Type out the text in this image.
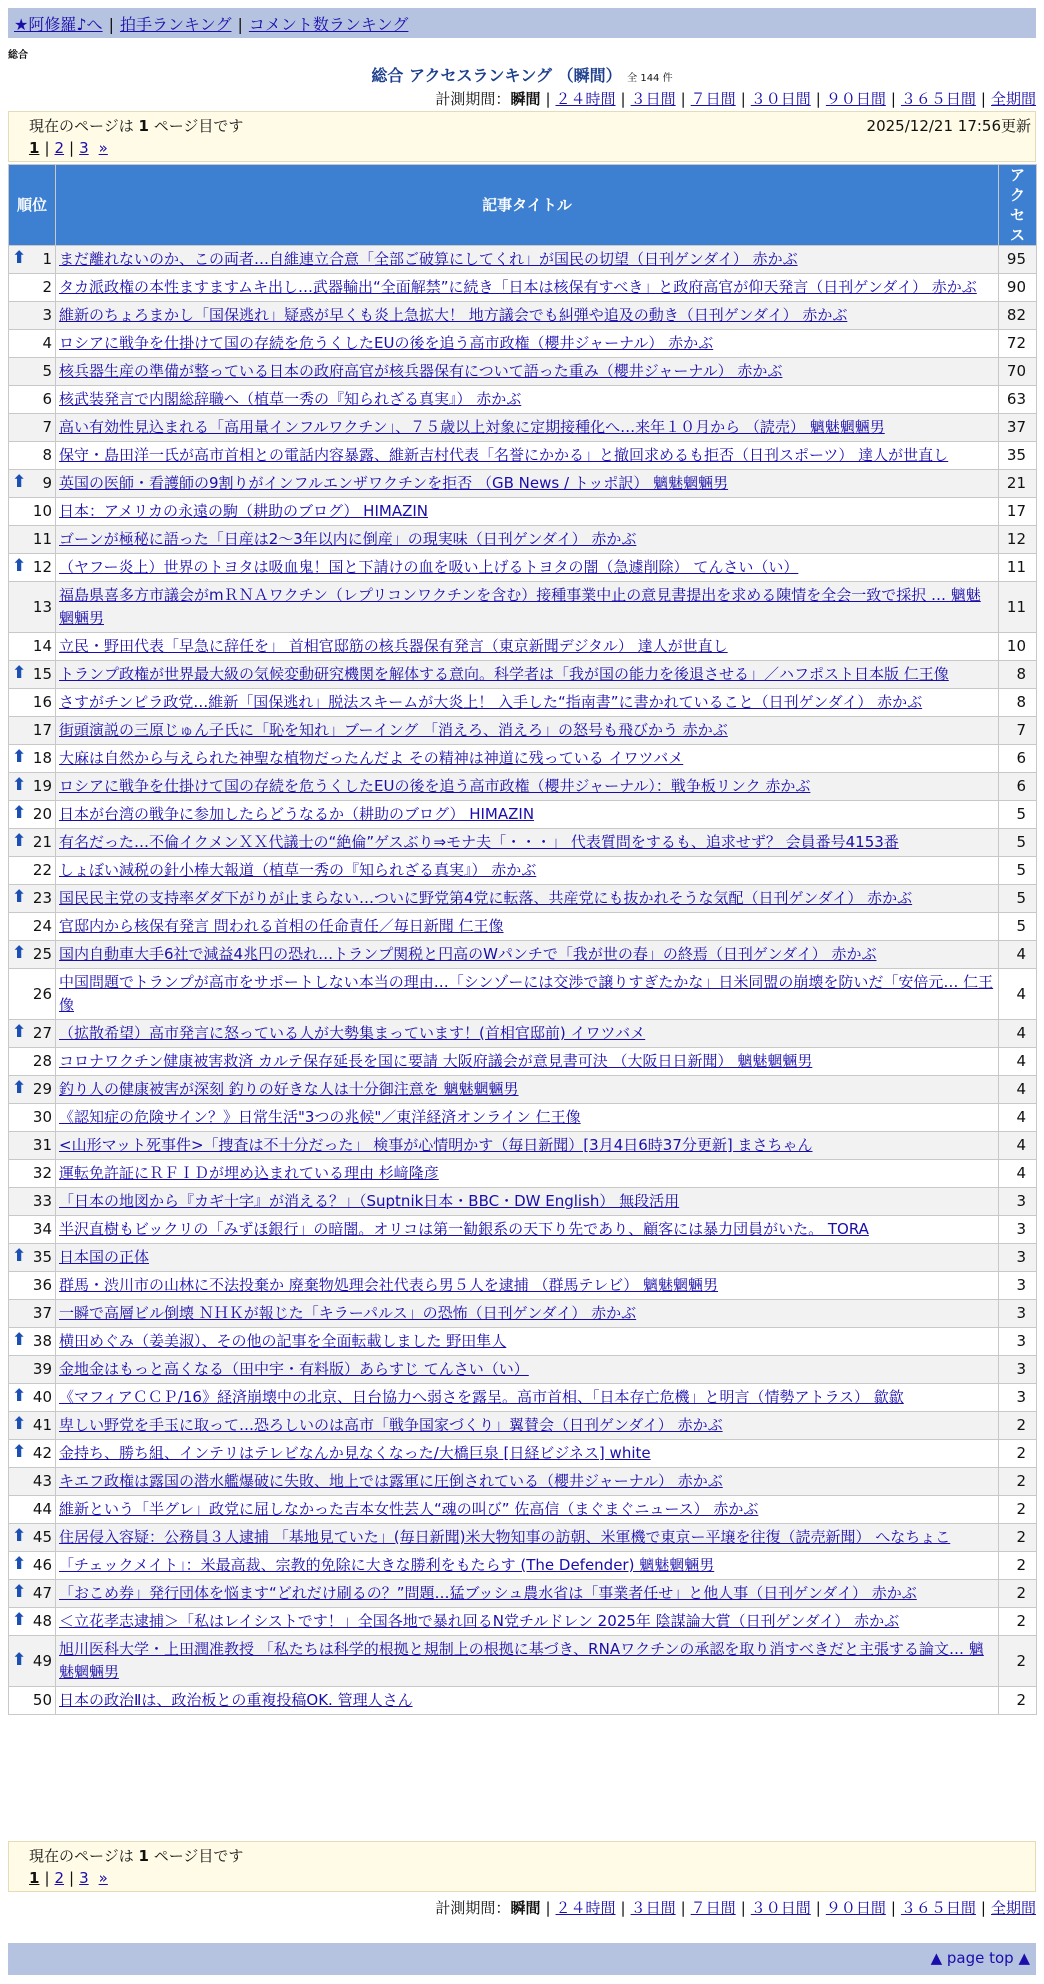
★阿修羅♪へ | 拍手ランキング | コメント数ランキング
総合
総合 アクセスランキング （瞬間） 全 144 件
計測期間：瞬間 | ２４時間 | ３日間 | ７日間 | ３０日間 | ９０日間 | ３６５日間 | 全期間
現在のページは 1 ページ目です	2025/12/21 17:56更新
1 | 2 | 3 »
順位	記事タイトル	アクセス

⬆ 1	まだ離れないのか、この両者…自維連立合意「全部ご破算にしてくれ」が国民の切望（日刊ゲンダイ） 赤かぶ	95
2	タカ派政権の本性ますますムキ出し…武器輸出“全面解禁”に続き「日本は核保有すべき」と政府高官が仰天発言（日刊ゲンダイ） 赤かぶ	90
3	維新のちょろまかし「国保逃れ」疑惑が早くも炎上急拡大！ 地方議会でも糾弾や追及の動き（日刊ゲンダイ） 赤かぶ	82
4	ロシアに戦争を仕掛けて国の存続を危うくしたEUの後を追う高市政権（櫻井ジャーナル） 赤かぶ	72
5	核兵器生産の準備が整っている日本の政府高官が核兵器保有について語った重み（櫻井ジャーナル） 赤かぶ	70
6	核武装発言で内閣総辞職へ（植草一秀の『知られざる真実』） 赤かぶ	63
7	高い有効性見込まれる「高用量インフルワクチン」、７５歳以上対象に定期接種化へ…来年１０月から （読売） 魑魅魍魎男	37
8	保守・島田洋一氏が高市首相との電話内容暴露、維新吉村代表「名誉にかかる」と撤回求めるも拒否（日刊スポーツ） 達人が世直し	35

⬆ 9	英国の医師・看護師の9割りがインフルエンザワクチンを拒否 （GB News / トッポ訳） 魑魅魍魎男	21
10	日本：アメリカの永遠の駒（耕助のブログ） HIMAZIN	17
11	ゴーンが極秘に語った「日産は2～3年以内に倒産」の現実味（日刊ゲンダイ） 赤かぶ	12

⬆ 12	（ヤフー炎上）世界のトヨタは吸血鬼！国と下請けの血を吸い上げるトヨタの闇（急遽削除） てんさい（い）	11
13	福島県喜多方市議会がmＲＮＡワクチン（レプリコンワクチンを含む）接種事業中止の意見書提出を求める陳情を全会一致で採択 … 魑魅魍魎男	11
14	立民・野田代表「早急に辞任を」 首相官邸筋の核兵器保有発言（東京新聞デジタル） 達人が世直し	10

⬆ 15	トランプ政権が世界最大級の気候変動研究機関を解体する意向。科学者は「我が国の能力を後退させる」／ハフポスト日本版 仁王像	8
16	さすがチンピラ政党…維新「国保逃れ」脱法スキームが大炎上！ 入手した“指南書”に書かれていること（日刊ゲンダイ） 赤かぶ	8
17	街頭演説の三原じゅん子氏に「恥を知れ」ブーイング 「消えろ、消えろ」の怒号も飛びかう 赤かぶ	7

⬆ 18	大麻は自然から与えられた神聖な植物だったんだよ その精神は神道に残っている イワツバメ	6

⬆ 19	ロシアに戦争を仕掛けて国の存続を危うくしたEUの後を追う高市政権（櫻井ジャーナル）：戦争板リンク 赤かぶ	6

⬆ 20	日本が台湾の戦争に参加したらどうなるか（耕助のブログ） HIMAZIN	5

⬆ 21	有名だった…不倫イクメンＸＸ代議士の“絶倫”ゲスぶり⇒モナ夫「・・・」 代表質問をするも、追求せず？ 会員番号4153番	5
22	しょぼい減税の針小棒大報道（植草一秀の『知られざる真実』） 赤かぶ	5

⬆ 23	国民民主党の支持率ダダ下がりが止まらない…ついに野党第4党に転落、共産党にも抜かれそうな気配（日刊ゲンダイ） 赤かぶ	5
24	官邸内から核保有発言 問われる首相の任命責任／毎日新聞 仁王像	5

⬆ 25	国内自動車大手6社で減益4兆円の恐れ…トランプ関税と円高のWパンチで「我が世の春」の終焉（日刊ゲンダイ） 赤かぶ	4
26	中国問題でトランプが高市をサポートしない本当の理由…「シンゾーには交渉で譲りすぎたかな」日米同盟の崩壊を防いだ「安倍元… 仁王像	4

⬆ 27	（拡散希望）高市発言に怒っている人が大勢集まっています！(首相官邸前) イワツバメ	4
28	コロナワクチン健康被害救済 カルテ保存延長を国に要請 大阪府議会が意見書可決 （大阪日日新聞） 魑魅魍魎男	4

⬆ 29	釣り人の健康被害が深刻 釣りの好きな人は十分御注意を 魑魅魍魎男	4
30	《認知症の危険サイン？》日常生活"3つの兆候"／東洋経済オンライン 仁王像	4
31	<山形マット死事件>「捜査は不十分だった」 検事が心情明かす（毎日新聞）[3月4日6時37分更新] まさちゃん	4
32	運転免許証にＲＦＩＤが埋め込まれている理由 杉﨑隆彦	4
33	「日本の地図から『カギ十字』が消える？」（Suptnik日本・BBC・DW English） 無段活用	3
34	半沢直樹もビックリの「みずほ銀行」の暗闇。オリコは第一勧銀系の天下り先であり、顧客には暴力団員がいた。 TORA	3

⬆ 35	日本国の正体	3
36	群馬・渋川市の山林に不法投棄か 廃棄物処理会社代表ら男５人を逮捕 （群馬テレビ） 魑魅魍魎男	3
37	一瞬で高層ビル倒壊 ＮＨＫが報じた「キラーパルス」の恐怖（日刊ゲンダイ） 赤かぶ	3

⬆ 38	横田めぐみ（姜美淑）、その他の記事を全面転載しました 野田隼人	3
39	金地金はもっと高くなる（田中宇・有料版）あらすじ てんさい（い）	3

⬆ 40	《マフィアＣＣＰ/16》経済崩壊中の北京、日台協力へ弱さを露呈。高市首相、「日本存亡危機」と明言（情勢アトラス） 歙歙	3

⬆ 41	卑しい野党を手玉に取って…恐ろしいのは高市「戦争国家づくり」翼賛会（日刊ゲンダイ） 赤かぶ	2

⬆ 42	金持ち、勝ち組、インテリはテレビなんか見なくなった/大橋巨泉 [日経ビジネス] white	2
43	キエフ政権は露国の潜水艦爆破に失敗、地上では露軍に圧倒されている（櫻井ジャーナル） 赤かぶ	2
44	維新という「半グレ」政党に屈しなかった吉本女性芸人“魂の叫び” 佐高信（まぐまぐニュース） 赤かぶ	2

⬆ 45	住居侵入容疑：公務員３人逮捕 「基地見ていた」(毎日新聞)米大物知事の訪朝、米軍機で東京ー平壌を往復（読売新聞） へなちょこ	2

⬆ 46	「チェックメイト」：米最高裁、宗教的免除に大きな勝利をもたらす (The Defender) 魑魅魍魎男	2

⬆ 47	「おこめ券」発行団体を悩ます“どれだけ刷るの？”問題…猛ブッシュ農水省は「事業者任せ」と他人事（日刊ゲンダイ） 赤かぶ	2

⬆ 48	＜立花孝志逮捕＞「私はレイシストです！」全国各地で暴れ回るN党チルドレン 2025年 陰謀論大賞（日刊ゲンダイ） 赤かぶ	2

⬆ 49	旭川医科大学・上田潤准教授 「私たちは科学的根拠と規制上の根拠に基づき、RNAワクチンの承認を取り消すべきだと主張する論文… 魑魅魍魎男	2
50	日本の政治Ⅱは、政治板との重複投稿OK. 管理人さん	2
計測期間：瞬間 | ２４時間 | ３日間 | ７日間 | ３０日間 | ９０日間 | ３６５日間 | 全期間
現在のページは 1 ページ目です
1 | 2 | 3 »
▲ page top ▲
